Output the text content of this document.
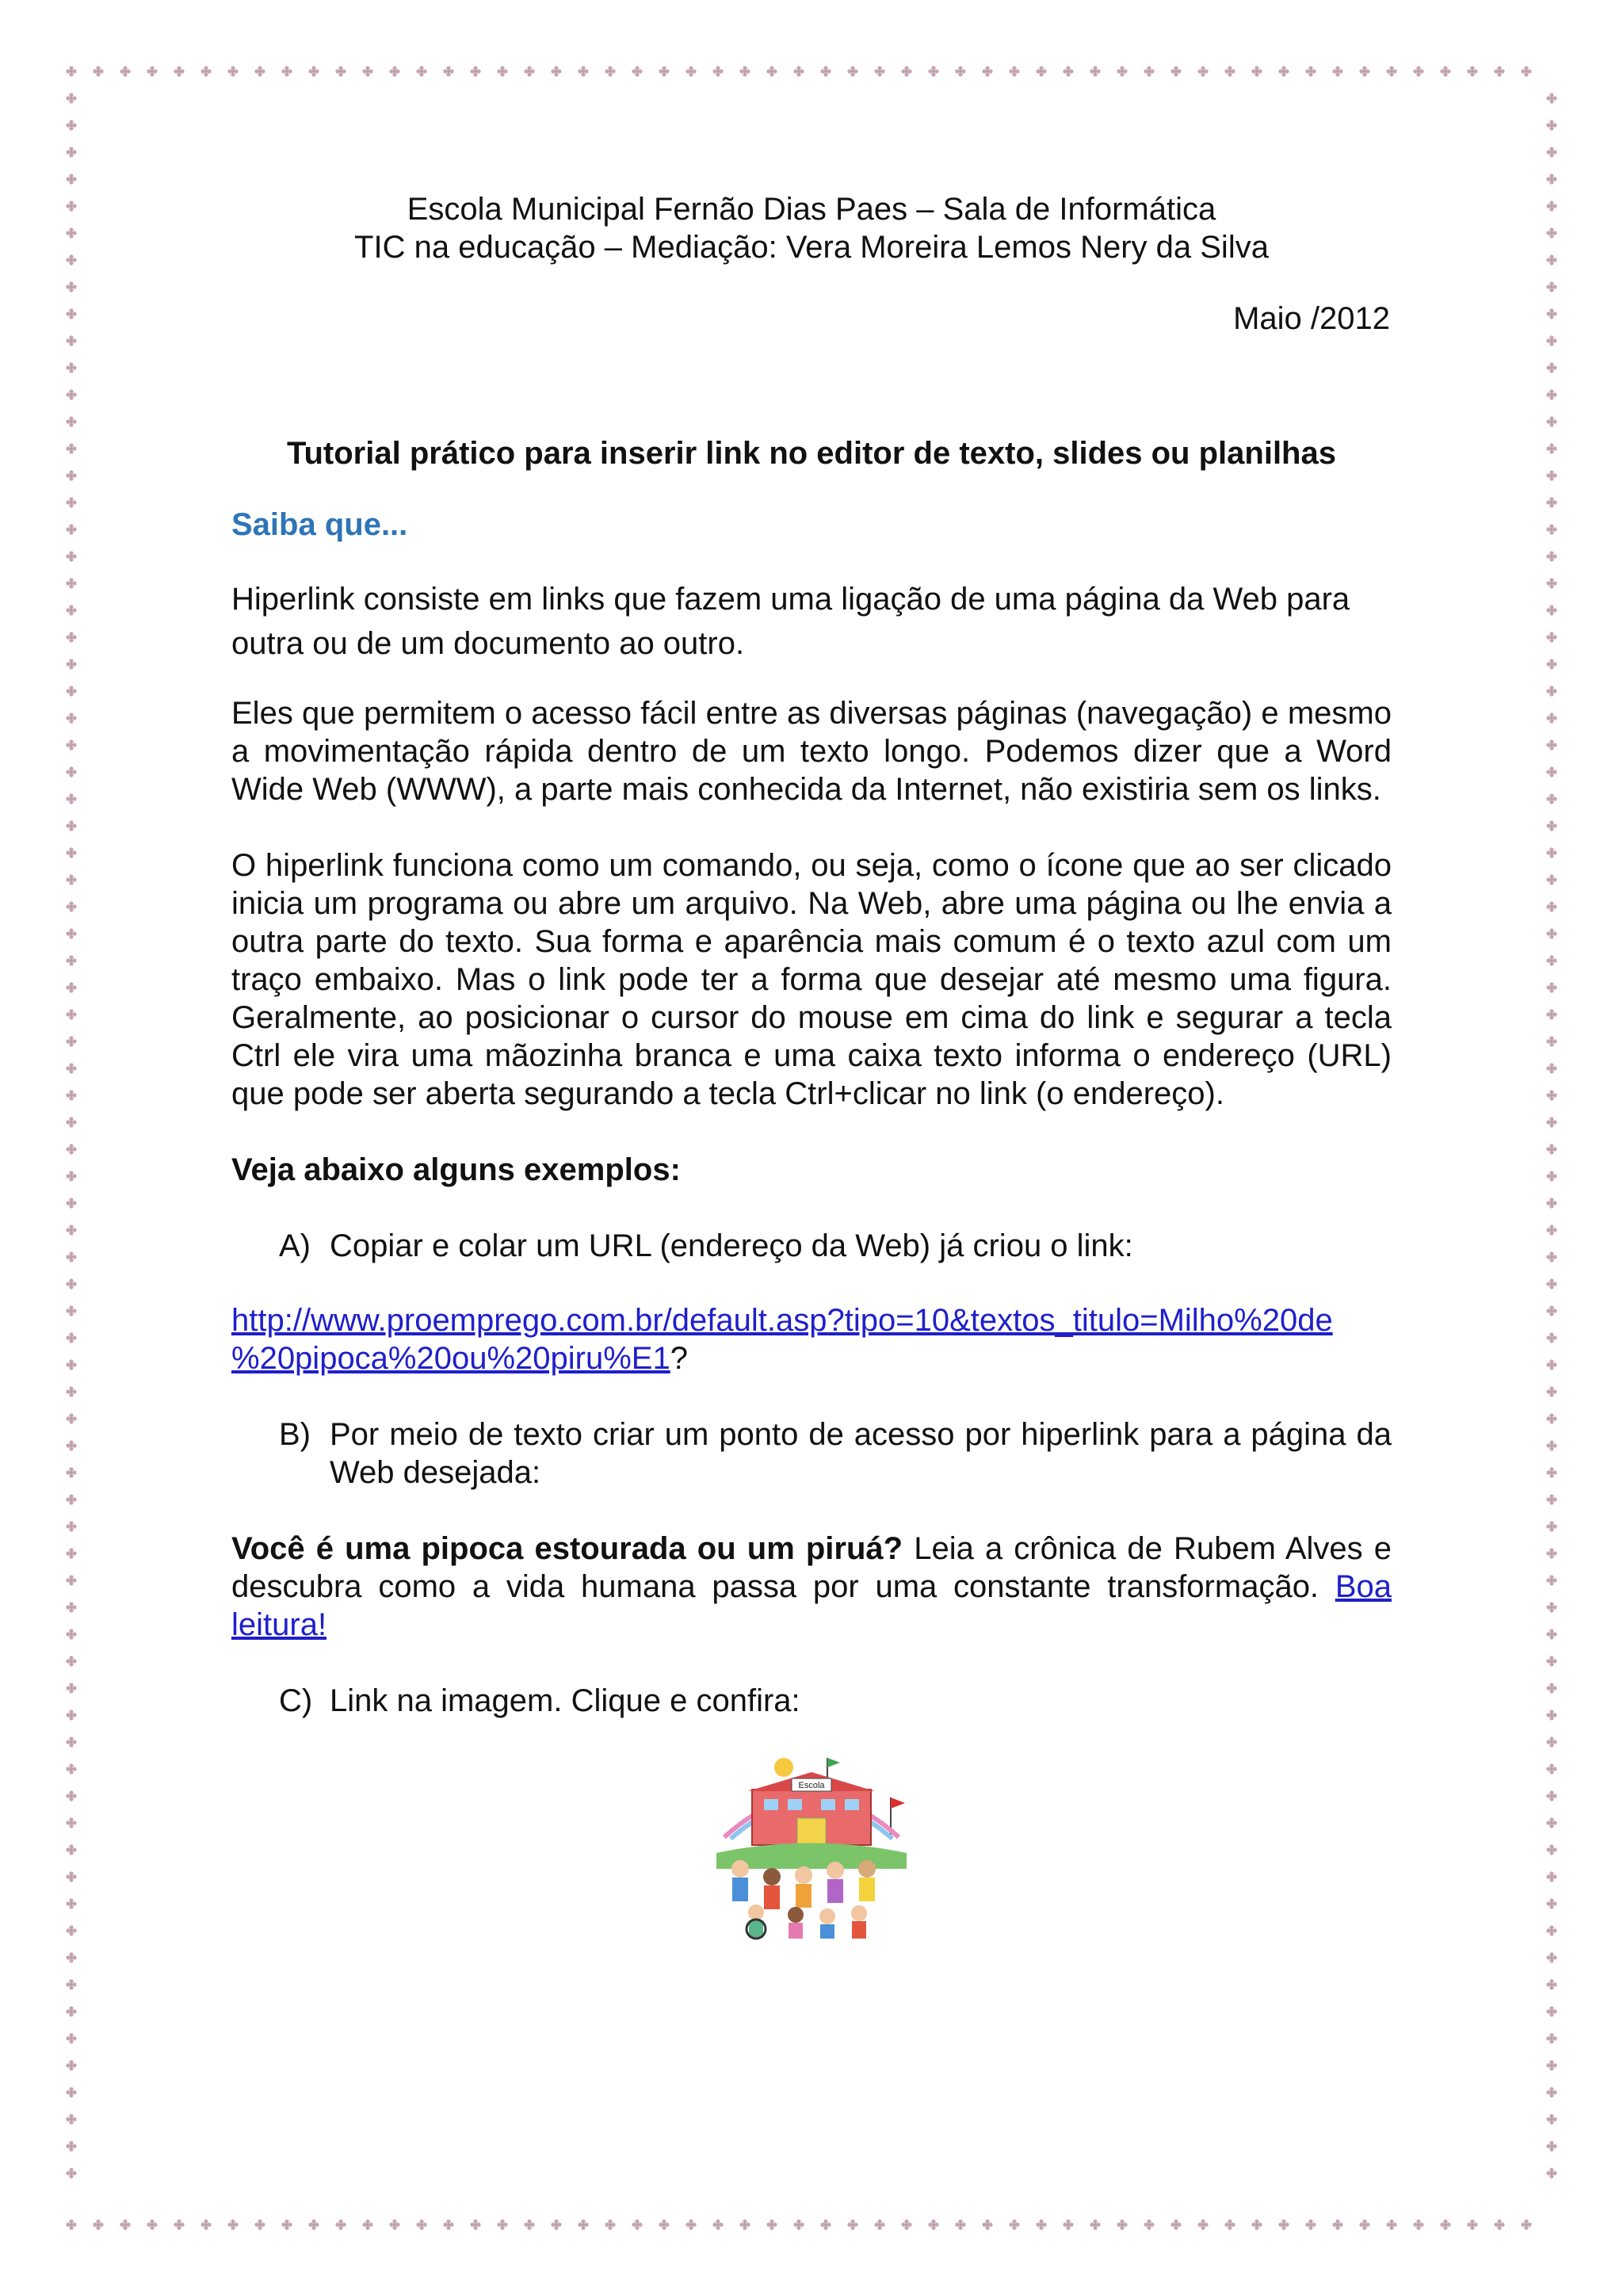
Escola Municipal Fernão Dias Paes – Sala de Informática
TIC na educação – Mediação: Vera Moreira Lemos Nery da Silva
Maio /2012
Tutorial prático para inserir link no editor de texto, slides ou planilhas
Saiba que...
Hiperlink consiste em links que fazem uma ligação de uma página da Web para
outra ou de um documento ao outro.
Eles que permitem o acesso fácil entre as diversas páginas (navegação) e mesmo a movimentação rápida dentro de um texto longo. Podemos dizer que a Word Wide Web (WWW), a parte mais conhecida da Internet, não existiria sem os links.
O hiperlink funciona como um comando, ou seja, como o ícone que ao ser clicado inicia um programa ou abre um arquivo. Na Web, abre uma página ou lhe envia a outra parte do texto. Sua forma e aparência mais comum é o texto azul com um traço embaixo. Mas o link pode ter a forma que desejar até mesmo uma figura. Geralmente, ao posicionar o cursor do mouse em cima do link e segurar a tecla Ctrl ele vira uma mãozinha branca e uma caixa texto informa o endereço (URL) que pode ser aberta segurando a tecla Ctrl+clicar no link (o endereço).
Veja abaixo alguns exemplos:
A) Copiar e colar um URL (endereço da Web) já criou o link:
http://www.proemprego.com.br/default.asp?tipo=10&textos_titulo=Milho%20de
%20pipoca%20ou%20piru%E1?
B) Por meio de texto criar um ponto de acesso por hiperlink para a página da Web desejada:
Você é uma pipoca estourada ou um piruá? Leia a crônica de Rubem Alves e descubra como a vida humana passa por uma constante transformação. Boa leitura!
C) Link na imagem. Clique e confira:
Escola
